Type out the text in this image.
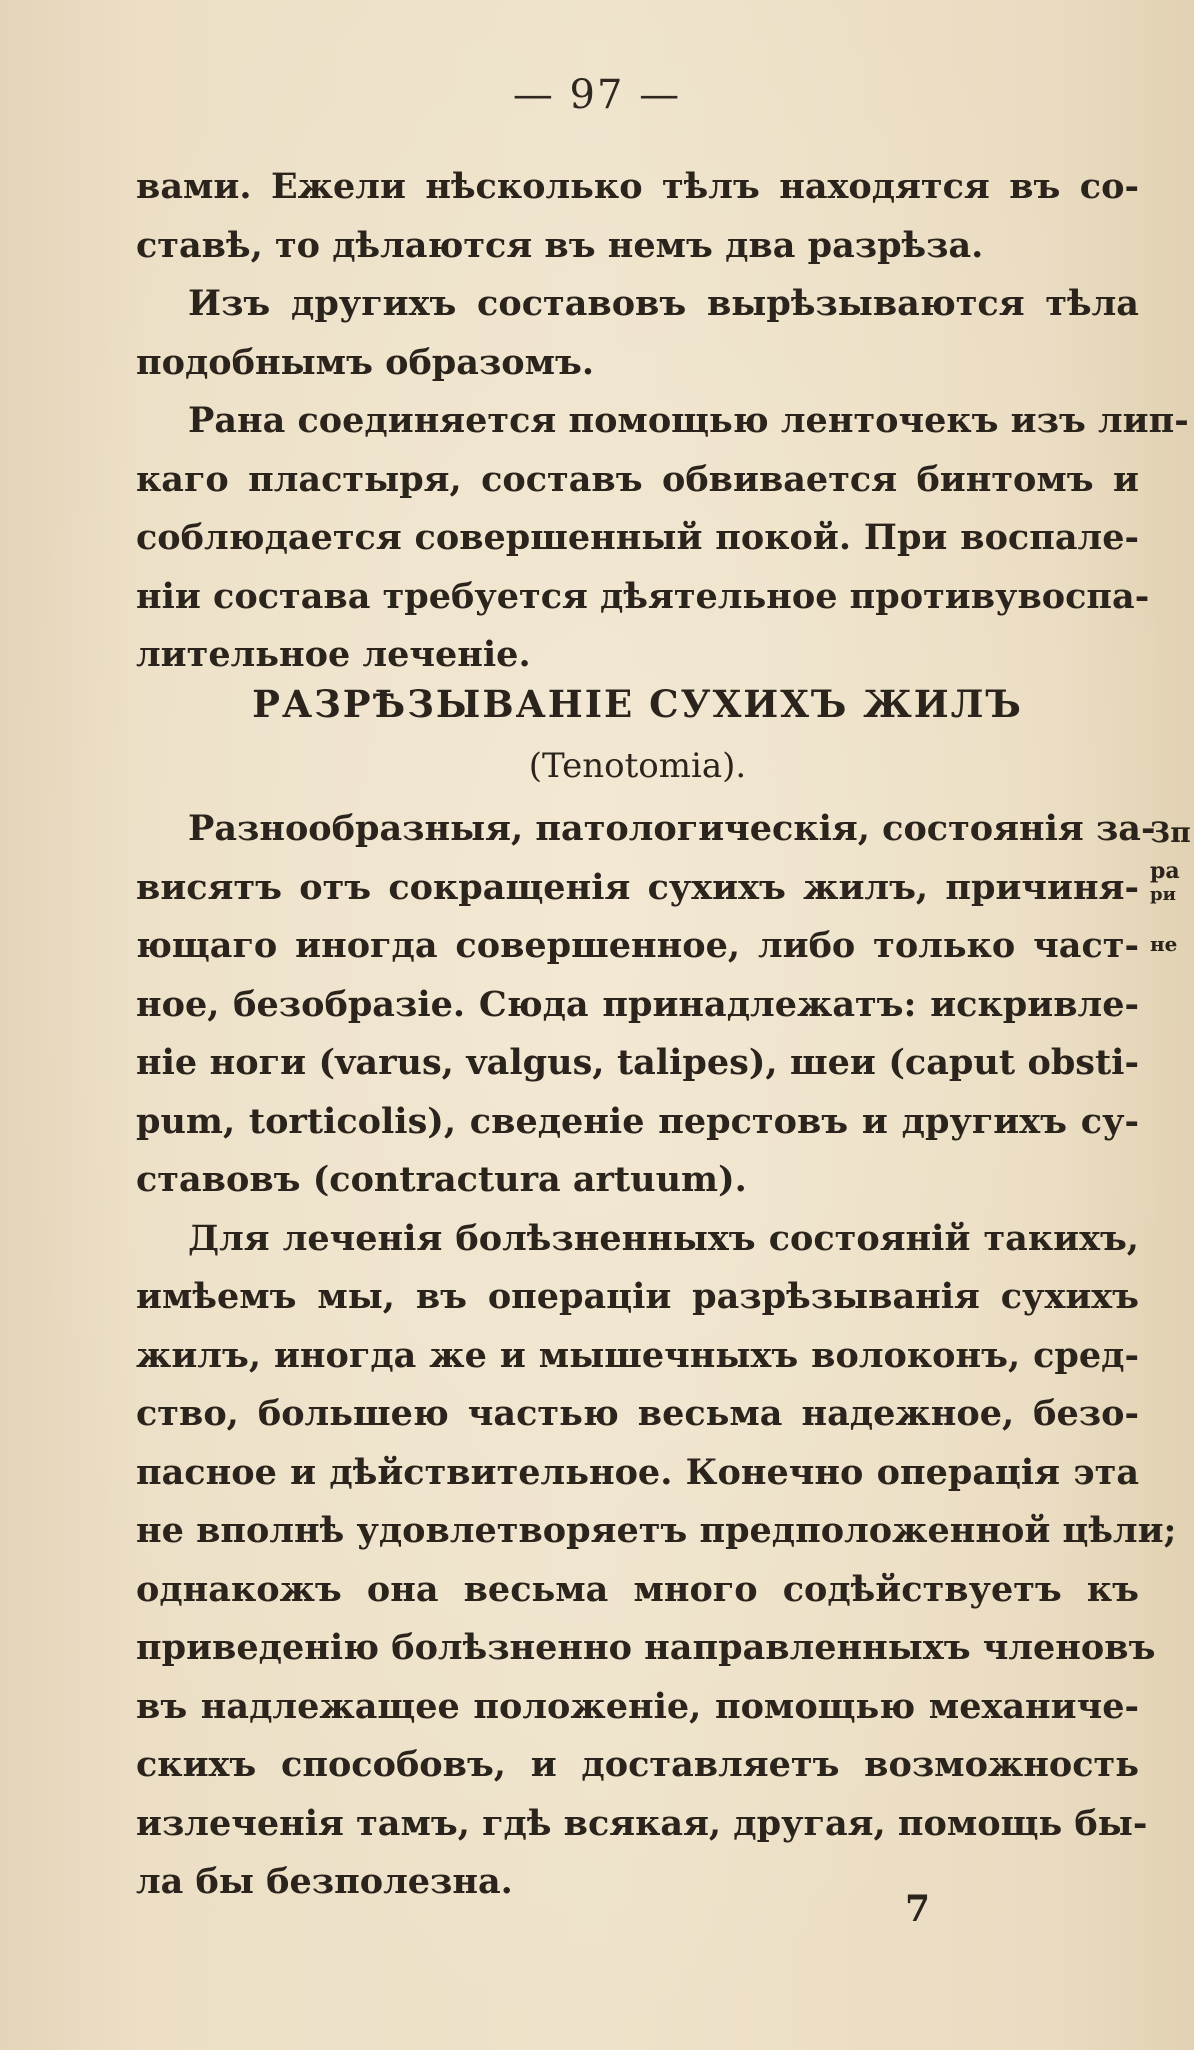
— 97 —

вами. Ежели нѣсколько тѣлъ находятся въ со-
ставѣ, то дѣлаются въ немъ два разрѣза.

Изъ другихъ составовъ вырѣзываются тѣла
подобнымъ образомъ.

Рана соединяется помощью ленточекъ изъ лип-
каго пластыря, составъ обвивается бинтомъ и
соблюдается совершенный покой. При воспале-
ніи состава требуется дѣятельное противувоспа-
лительное леченіе.

РАЗРѢЗЫВАНІЕ СУХИХЪ ЖИЛЪ
(Tenotomia).

Разнообразныя, патологическія, состоянія за-
висятъ отъ сокращенія сухихъ жилъ, причиня-
ющаго иногда совершенное, либо только част-
ное, безобразіе. Сюда принадлежатъ: искривле-
ніе ноги (varus, valgus, talipes), шеи (caput obsti-
pum, torticolis), сведеніе перстовъ и другихъ су-
ставовъ (contractura artuum).

Для леченія болѣзненныхъ состояній такихъ,
имѣемъ мы, въ операціи разрѣзыванія сухихъ
жилъ, иногда же и мышечныхъ волоконъ, сред-
ство, большею частью весьма надежное, безо-
пасное и дѣйствительное. Конечно операція эта
не вполнѣ удовлетворяетъ предположенной цѣли;
однакожъ она весьма много содѣйствуетъ къ
приведенію болѣзненно направленныхъ членовъ
въ надлежащее положеніе, помощью механиче-
скихъ способовъ, и доставляетъ возможность
излеченія тамъ, гдѣ всякая, другая, помощь бы-
ла бы безполезна.

Зп
ра
ри
не
7
